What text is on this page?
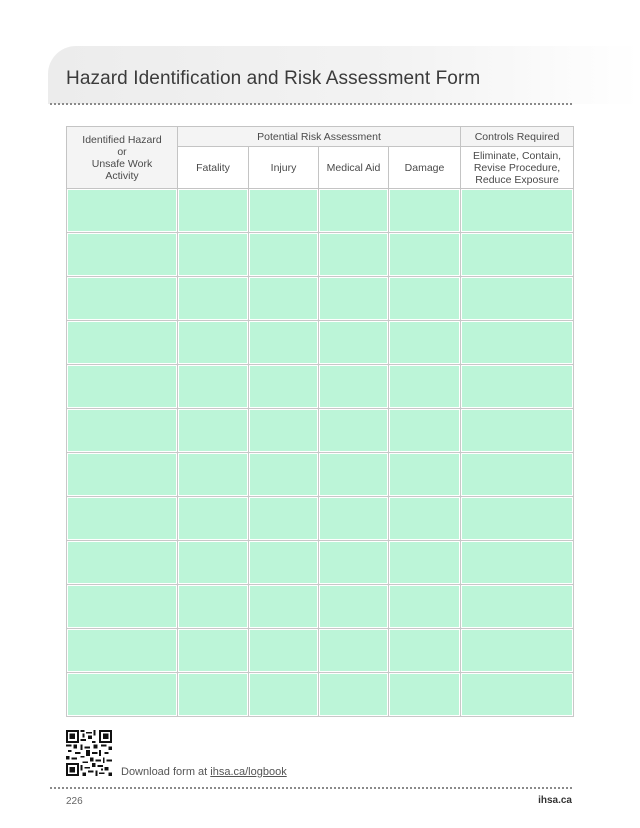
Hazard Identification and Risk Assessment Form
Identified Hazard
or
Unsafe Work
Activity	Potential Risk Assessment				Controls Required
	Fatality	Injury	Medical Aid	Damage	Eliminate, Contain,
Revise Procedure,
Reduce Exposure

Download form at ihsa.ca/logbook
226	ihsa.ca
